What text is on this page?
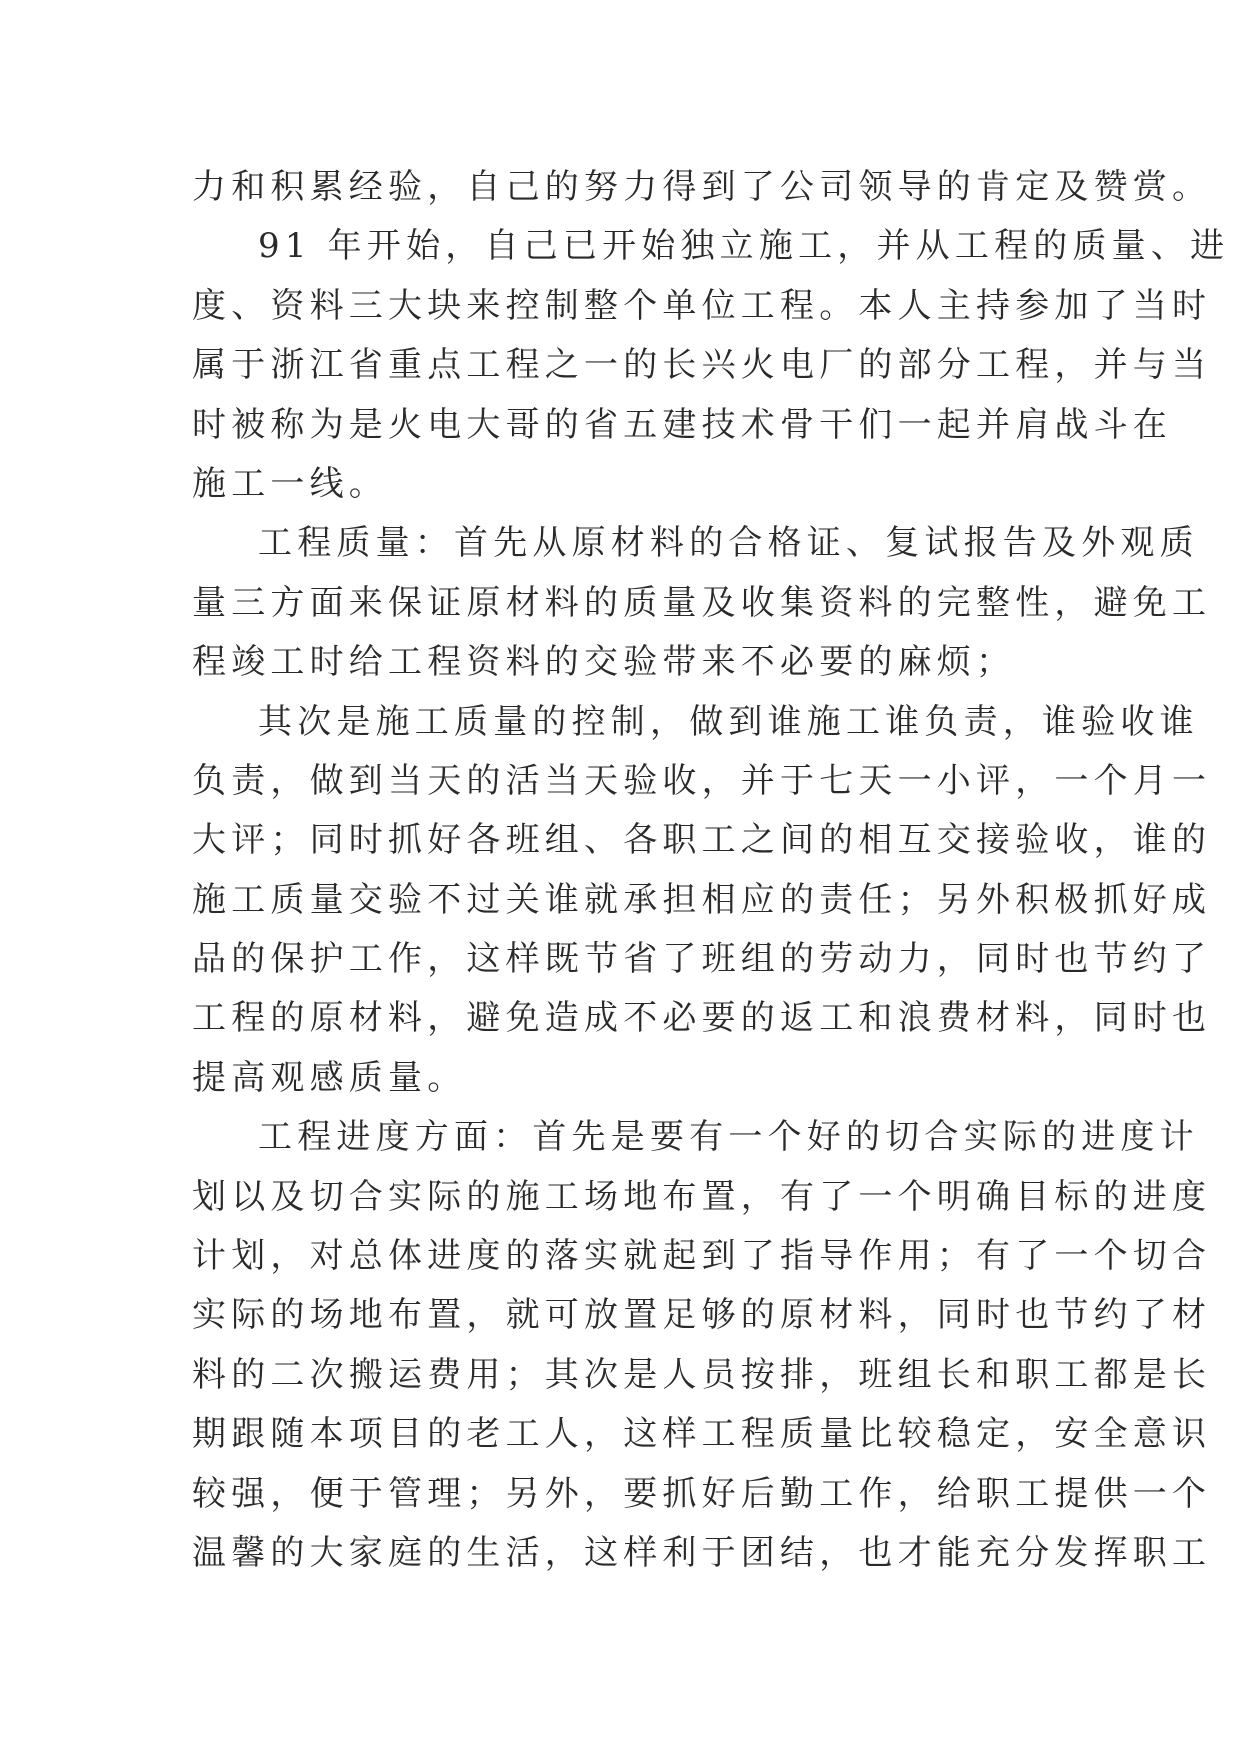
力和积累经验，自己的努力得到了公司领导的肯定及赞赏。
91 年开始，自己已开始独立施工，并从工程的质量、进
度、资料三大块来控制整个单位工程。本人主持参加了当时
属于浙江省重点工程之一的长兴火电厂的部分工程，并与当
时被称为是火电大哥的省五建技术骨干们一起并肩战斗在
施工一线。
工程质量：首先从原材料的合格证、复试报告及外观质
量三方面来保证原材料的质量及收集资料的完整性，避免工
程竣工时给工程资料的交验带来不必要的麻烦；
其次是施工质量的控制，做到谁施工谁负责，谁验收谁
负责，做到当天的活当天验收，并于七天一小评，一个月一
大评；同时抓好各班组、各职工之间的相互交接验收，谁的
施工质量交验不过关谁就承担相应的责任；另外积极抓好成
品的保护工作，这样既节省了班组的劳动力，同时也节约了
工程的原材料，避免造成不必要的返工和浪费材料，同时也
提高观感质量。
工程进度方面：首先是要有一个好的切合实际的进度计
划以及切合实际的施工场地布置，有了一个明确目标的进度
计划，对总体进度的落实就起到了指导作用；有了一个切合
实际的场地布置，就可放置足够的原材料，同时也节约了材
料的二次搬运费用；其次是人员按排，班组长和职工都是长
期跟随本项目的老工人，这样工程质量比较稳定，安全意识
较强，便于管理；另外，要抓好后勤工作，给职工提供一个
温馨的大家庭的生活，这样利于团结，也才能充分发挥职工
